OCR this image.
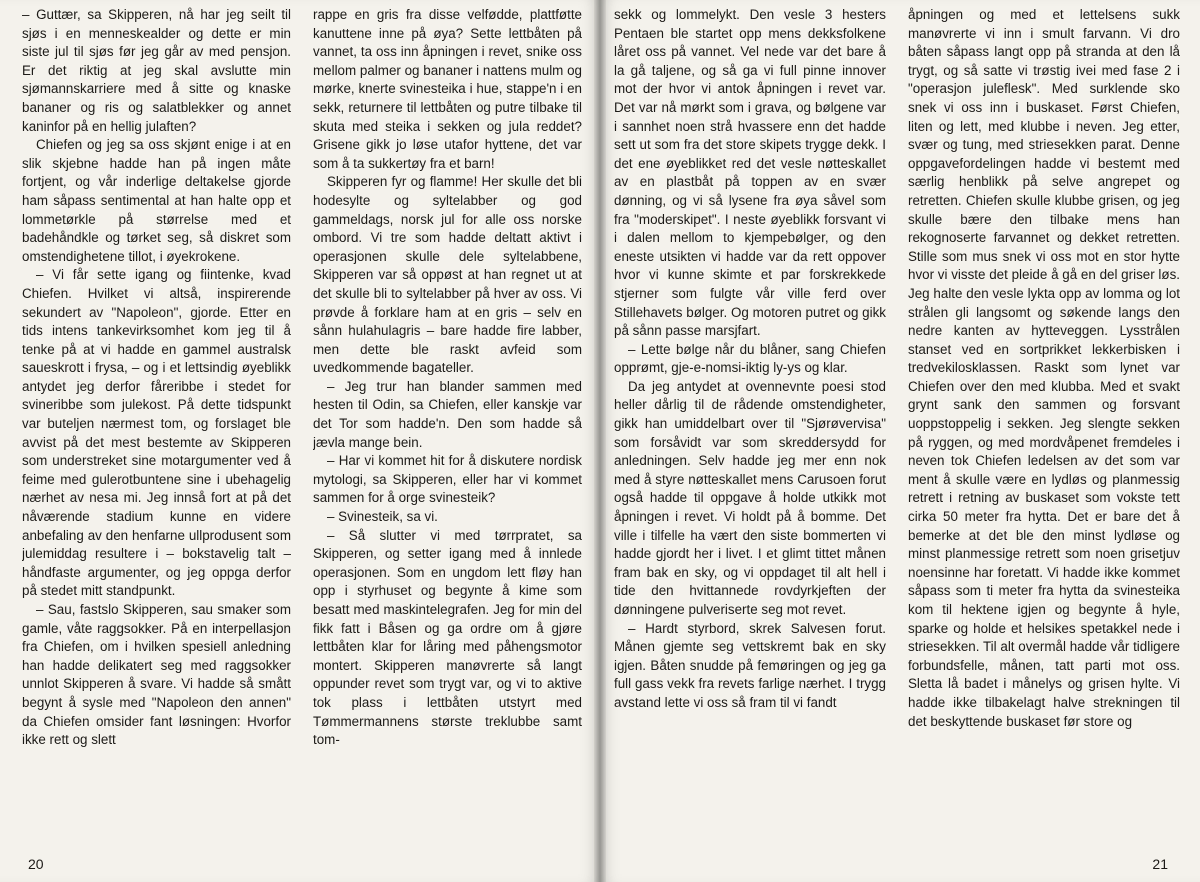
– Guttær, sa Skipperen, nå har jeg seilt til sjøs i en menneskealder og dette er min siste jul til sjøs før jeg går av med pensjon. Er det riktig at jeg skal avslutte min sjømannskarriere med å sitte og knaske bananer og ris og salatblekker og annet kaninfor på en hellig julaften?

Chiefen og jeg sa oss skjønt enige i at en slik skjebne hadde han på ingen måte fortjent, og vår inderlige deltakelse gjorde ham såpass sentimental at han halte opp et lommetørkle på størrelse med et badehåndkle og tørket seg, så diskret som omstendighetene tillot, i øyekrokene.

– Vi får sette igang og fiintenke, kvad Chiefen. Hvilket vi altså, inspirerende sekundert av "Napoleon", gjorde. Etter en tids intens tankevirksomhet kom jeg til å tenke på at vi hadde en gammel australsk saueskrott i frysa, – og i et lettsindig øyeblikk antydet jeg derfor fåreribbe i stedet for svineribbe som julekost. På dette tidspunkt var buteljen nærmest tom, og forslaget ble avvist på det mest bestemte av Skipperen som understreket sine motargumenter ved å feime med gulerotbuntene sine i ubehagelig nærhet av nesa mi. Jeg innså fort at på det nåværende stadium kunne en videre anbefaling av den henfarne ullprodusent som julemiddag resultere i – bokstavelig talt – håndfaste argumenter, og jeg oppga derfor på stedet mitt standpunkt.

– Sau, fastslo Skipperen, sau smaker som gamle, våte raggsokker. På en interpellasjon fra Chiefen, om i hvilken spesiell anledning han hadde delikatert seg med raggsokker unnlot Skipperen å svare. Vi hadde så smått begynt å sysle med "Napoleon den annen" da Chiefen omsider fant løsningen: Hvorfor ikke rett og slett

rappe en gris fra disse velfødde, plattføtte kanuttene inne på øya? Sette lettbåten på vannet, ta oss inn åpningen i revet, snike oss mellom palmer og bananer i nattens mulm og mørke, knerte svinesteika i hue, stappe'n i en sekk, returnere til lettbåten og putre tilbake til skuta med steika i sekken og jula reddet? Grisene gikk jo løse utafor hyttene, det var som å ta sukkertøy fra et barn!

Skipperen fyr og flamme! Her skulle det bli hodesylte og syltelabber og god gammeldags, norsk jul for alle oss norske ombord. Vi tre som hadde deltatt aktivt i operasjonen skulle dele syltelabbene, Skipperen var så oppøst at han regnet ut at det skulle bli to syltelabber på hver av oss. Vi prøvde å forklare ham at en gris – selv en sånn hulahulagris – bare hadde fire labber, men dette ble raskt avfeid som uvedkommende bagateller.

– Jeg trur han blander sammen med hesten til Odin, sa Chiefen, eller kanskje var det Tor som hadde'n. Den som hadde så jævla mange bein.

– Har vi kommet hit for å diskutere nordisk mytologi, sa Skipperen, eller har vi kommet sammen for å orge svinesteik?

– Svinesteik, sa vi.

– Så slutter vi med tørrpratet, sa Skipperen, og setter igang med å innlede operasjonen. Som en ungdom lett fløy han opp i styrhuset og begynte å kime som besatt med maskintelegrafen. Jeg for min del fikk fatt i Båsen og ga ordre om å gjøre lettbåten klar for låring med påhengsmotor montert. Skipperen manøvrerte så langt oppunder revet som trygt var, og vi to aktive tok plass i lettbåten utstyrt med Tømmermannens største treklubbe samt tom-

20

sekk og lommelykt. Den vesle 3 hesters Pentaen ble startet opp mens dekksfolkene låret oss på vannet. Vel nede var det bare å la gå taljene, og så ga vi full pinne innover mot der hvor vi antok åpningen i revet var. Det var nå mørkt som i grava, og bølgene var i sannhet noen strå hvassere enn det hadde sett ut som fra det store skipets trygge dekk. I det ene øyeblikket red det vesle nøtteskallet av en plastbåt på toppen av en svær dønning, og vi så lysene fra øya såvel som fra "moderskipet". I neste øyeblikk forsvant vi i dalen mellom to kjempebølger, og den eneste utsikten vi hadde var da rett oppover hvor vi kunne skimte et par forskrekkede stjerner som fulgte vår ville ferd over Stillehavets bølger. Og motoren putret og gikk på sånn passe marsjfart.

– Lette bølge når du blåner, sang Chiefen opprømt, gje-e-nomsi-iktig ly-ys og klar.

Da jeg antydet at ovennevnte poesi stod heller dårlig til de rådende omstendigheter, gikk han umiddelbart over til "Sjørøvervisa" som forsåvidt var som skreddersydd for anledningen. Selv hadde jeg mer enn nok med å styre nøtteskallet mens Carusoen forut også hadde til oppgave å holde utkikk mot åpningen i revet. Vi holdt på å bomme. Det ville i tilfelle ha vært den siste bommerten vi hadde gjordt her i livet. I et glimt tittet månen fram bak en sky, og vi oppdaget til alt hell i tide den hvittannede rovdyrkjeften der dønningene pulveriserte seg mot revet.

– Hardt styrbord, skrek Salvesen forut. Månen gjemte seg vettskremt bak en sky igjen. Båten snudde på femøringen og jeg ga full gass vekk fra revets farlige nærhet. I trygg avstand lette vi oss så fram til vi fandt

åpningen og med et lettelsens sukk manøvrerte vi inn i smult farvann. Vi dro båten såpass langt opp på stranda at den lå trygt, og så satte vi trøstig ivei med fase 2 i "operasjon juleflesk". Med surklende sko snek vi oss inn i buskaset. Først Chiefen, liten og lett, med klubbe i neven. Jeg etter, svær og tung, med striesekken parat. Denne oppgavefordelingen hadde vi bestemt med særlig henblikk på selve angrepet og retretten. Chiefen skulle klubbe grisen, og jeg skulle bære den tilbake mens han rekognoserte farvannet og dekket retretten. Stille som mus snek vi oss mot en stor hytte hvor vi visste det pleide å gå en del griser løs. Jeg halte den vesle lykta opp av lomma og lot strålen gli langsomt og søkende langs den nedre kanten av hytteveggen. Lysstrålen stanset ved en sortprikket lekkerbisken i tredvekilosklassen. Raskt som lynet var Chiefen over den med klubba. Med et svakt grynt sank den sammen og forsvant uoppstoppelig i sekken. Jeg slengte sekken på ryggen, og med mordvåpenet fremdeles i neven tok Chiefen ledelsen av det som var ment å skulle være en lydløs og planmessig retrett i retning av buskaset som vokste tett cirka 50 meter fra hytta. Det er bare det å bemerke at det ble den minst lydløse og minst planmessige retrett som noen grisetjuv noensinne har foretatt. Vi hadde ikke kommet såpass som ti meter fra hytta da svinesteika kom til hektene igjen og begynte å hyle, sparke og holde et helsikes spetakkel nede i striesekken. Til alt overmål hadde vår tidligere forbundsfelle, månen, tatt parti mot oss. Sletta lå badet i månelys og grisen hylte. Vi hadde ikke tilbakelagt halve strekningen til det beskyttende buskaset før store og

21
